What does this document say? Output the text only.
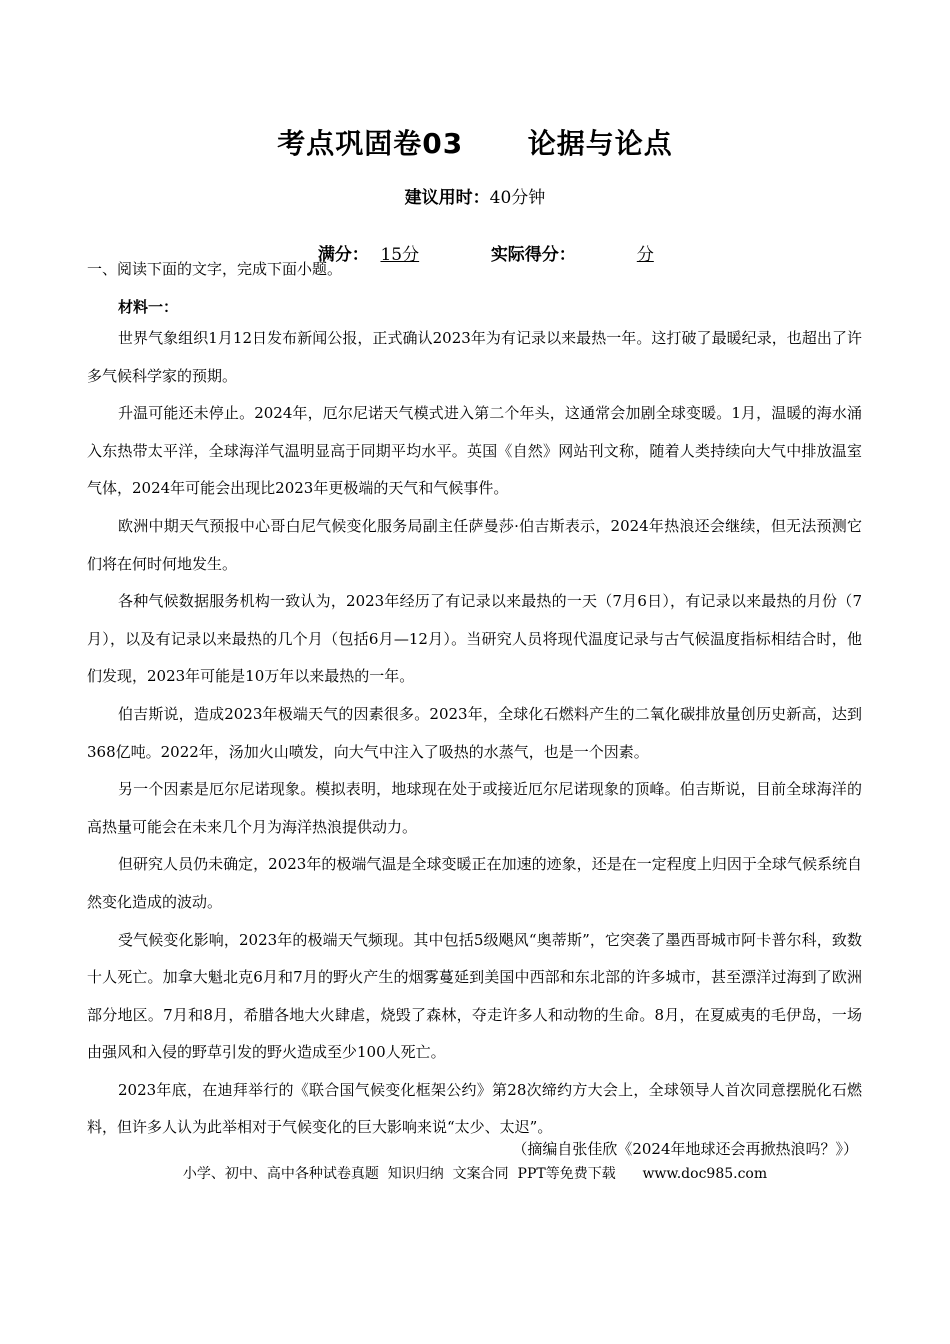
考点巩固卷03      论据与论点
建议用时：40分钟

满分： 15分	实际得分：	分

一、阅读下面的文字，完成下面小题。
材料一：

世界气象组织1月12日发布新闻公报，正式确认2023年为有记录以来最热一年。这打破了最暖纪录，也超出了许多气候科学家的预期。

升温可能还未停止。2024年，厄尔尼诺天气模式进入第二个年头，这通常会加剧全球变暖。1月，温暖的海水涌入东热带太平洋，全球海洋气温明显高于同期平均水平。英国《自然》网站刊文称，随着人类持续向大气中排放温室气体，2024年可能会出现比2023年更极端的天气和气候事件。

欧洲中期天气预报中心哥白尼气候变化服务局副主任萨曼莎·伯吉斯表示，2024年热浪还会继续，但无法预测它们将在何时何地发生。

各种气候数据服务机构一致认为，2023年经历了有记录以来最热的一天（7月6日），有记录以来最热的月份（7月），以及有记录以来最热的几个月（包括6月—12月）。当研究人员将现代温度记录与古气候温度指标相结合时，他们发现，2023年可能是10万年以来最热的一年。

伯吉斯说，造成2023年极端天气的因素很多。2023年，全球化石燃料产生的二氧化碳排放量创历史新高，达到368亿吨。2022年，汤加火山喷发，向大气中注入了吸热的水蒸气，也是一个因素。

另一个因素是厄尔尼诺现象。模拟表明，地球现在处于或接近厄尔尼诺现象的顶峰。伯吉斯说，目前全球海洋的高热量可能会在未来几个月为海洋热浪提供动力。

但研究人员仍未确定，2023年的极端气温是全球变暖正在加速的迹象，还是在一定程度上归因于全球气候系统自然变化造成的波动。

受气候变化影响，2023年的极端天气频现。其中包括5级飓风“奥蒂斯”，它突袭了墨西哥城市阿卡普尔科，致数十人死亡。加拿大魁北克6月和7月的野火产生的烟雾蔓延到美国中西部和东北部的许多城市，甚至漂洋过海到了欧洲部分地区。7月和8月，希腊各地大火肆虐，烧毁了森林，夺走许多人和动物的生命。8月，在夏威夷的毛伊岛，一场由强风和入侵的野草引发的野火造成至少100人死亡。

2023年底，在迪拜举行的《联合国气候变化框架公约》第28次缔约方大会上，全球领导人首次同意摆脱化石燃料，但许多人认为此举相对于气候变化的巨大影响来说“太少、太迟”。

（摘编自张佳欣《2024年地球还会再掀热浪吗？》）
小学、初中、高中各种试卷真题  知识归纳  文案合同  PPT等免费下载      www.doc985.com
